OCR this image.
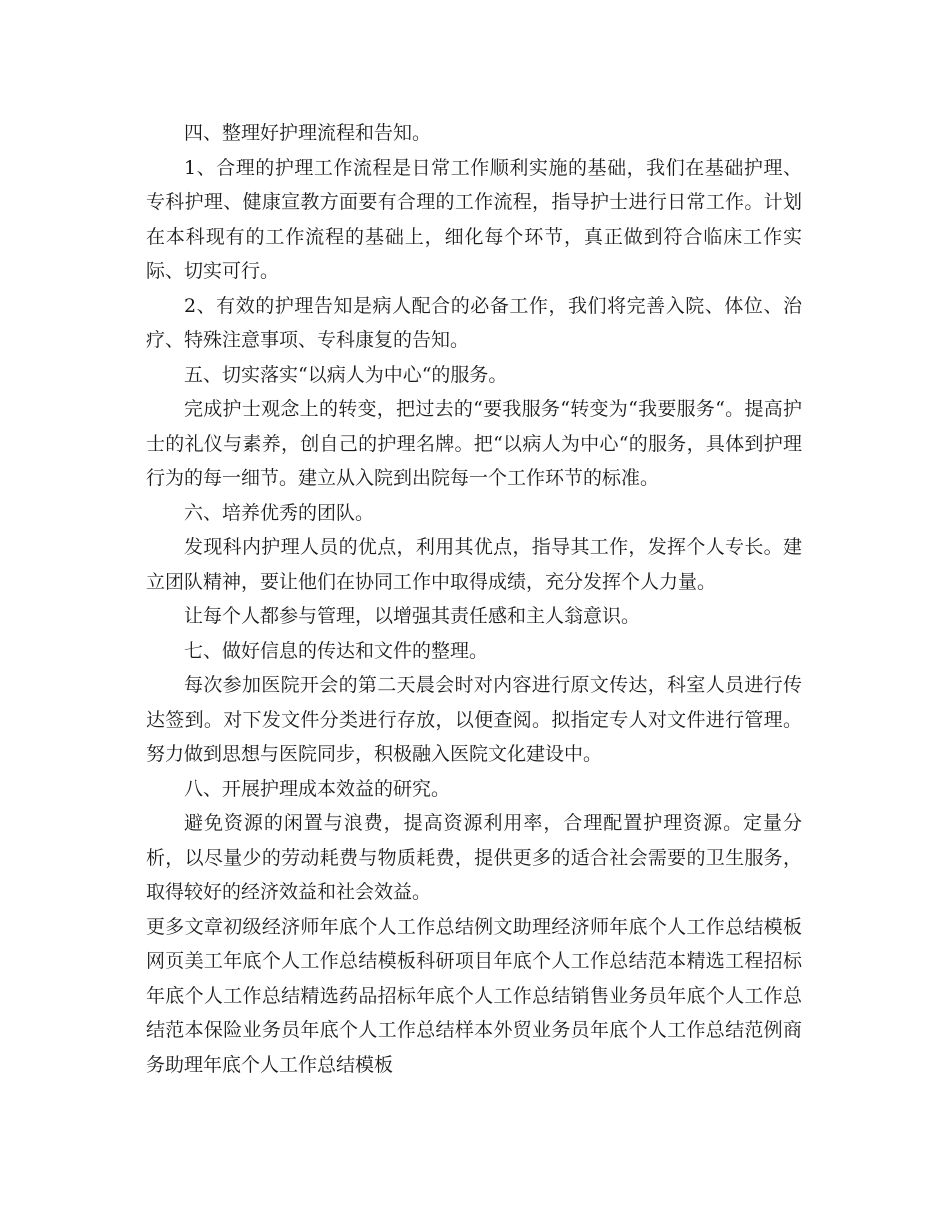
四、整理好护理流程和告知。

1、合理的护理工作流程是日常工作顺利实施的基础，我们在基础护理、专科护理、健康宣教方面要有合理的工作流程，指导护士进行日常工作。计划在本科现有的工作流程的基础上，细化每个环节，真正做到符合临床工作实际、切实可行。

2、有效的护理告知是病人配合的必备工作，我们将完善入院、体位、治疗、特殊注意事项、专科康复的告知。

五、切实落实“以病人为中心“的服务。

完成护士观念上的转变，把过去的“要我服务“转变为“我要服务“。提高护士的礼仪与素养，创自己的护理名牌。把“以病人为中心“的服务，具体到护理行为的每一细节。建立从入院到出院每一个工作环节的标准。

六、培养优秀的团队。

发现科内护理人员的优点，利用其优点，指导其工作，发挥个人专长。建立团队精神，要让他们在协同工作中取得成绩，充分发挥个人力量。

让每个人都参与管理，以增强其责任感和主人翁意识。

七、做好信息的传达和文件的整理。

每次参加医院开会的第二天晨会时对内容进行原文传达，科室人员进行传达签到。对下发文件分类进行存放，以便查阅。拟指定专人对文件进行管理。努力做到思想与医院同步，积极融入医院文化建设中。

八、开展护理成本效益的研究。

避免资源的闲置与浪费，提高资源利用率，合理配置护理资源。定量分析，以尽量少的劳动耗费与物质耗费，提供更多的适合社会需要的卫生服务，取得较好的经济效益和社会效益。

更多文章初级经济师年底个人工作总结例文助理经济师年底个人工作总结模板网页美工年底个人工作总结模板科研项目年底个人工作总结范本精选工程招标年底个人工作总结精选药品招标年底个人工作总结销售业务员年底个人工作总结范本保险业务员年底个人工作总结样本外贸业务员年底个人工作总结范例商务助理年底个人工作总结模板
